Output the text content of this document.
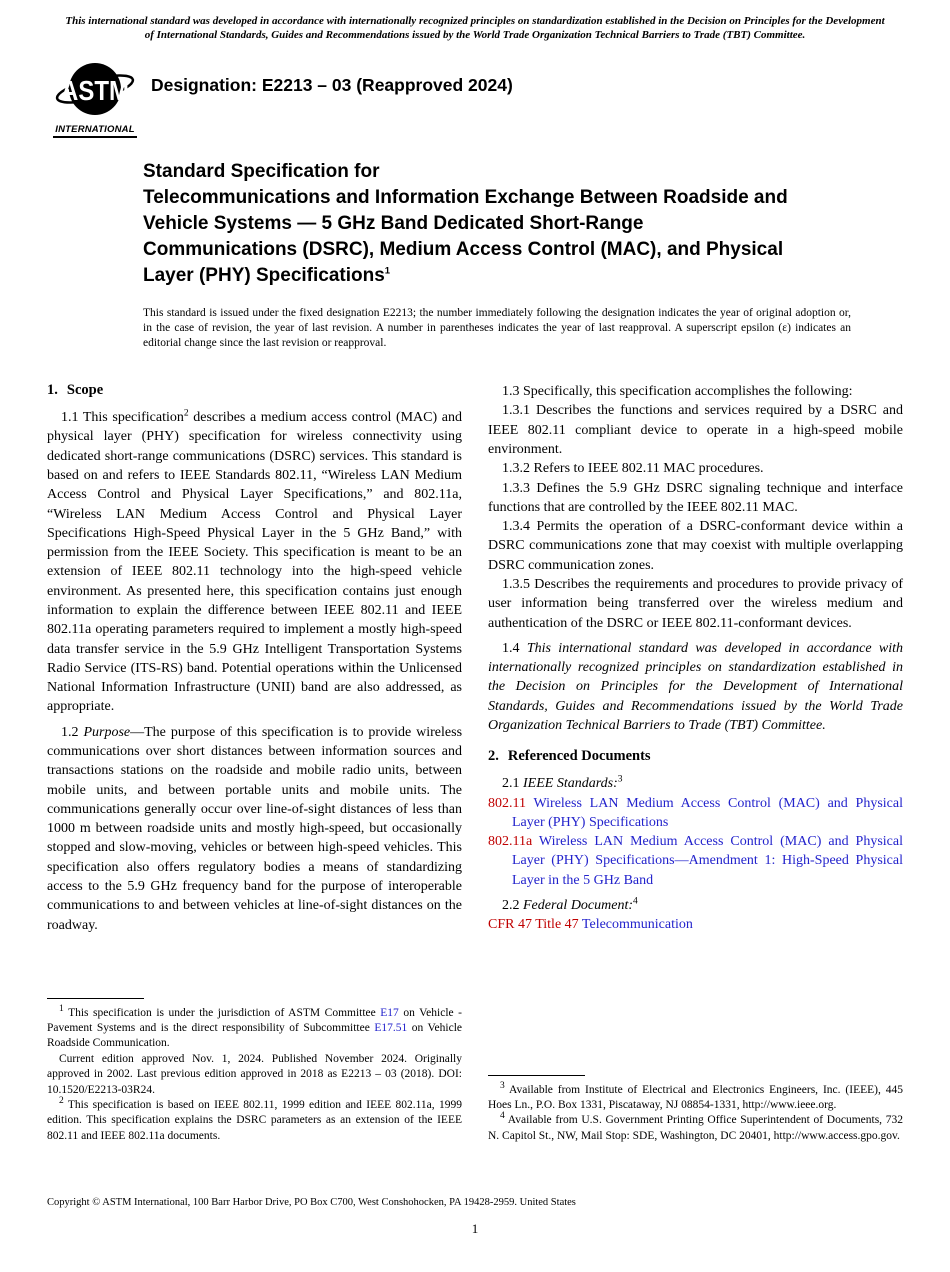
This international standard was developed in accordance with internationally recognized principles on standardization established in the Decision on Principles for the Development of International Standards, Guides and Recommendations issued by the World Trade Organization Technical Barriers to Trade (TBT) Committee.
ASTM
INTERNATIONAL
Designation: E2213 – 03 (Reapproved 2024)
Standard Specification for
Telecommunications and Information Exchange Between Roadside and Vehicle Systems — 5 GHz Band Dedicated Short-Range Communications (DSRC), Medium Access Control (MAC), and Physical Layer (PHY) Specifications$^1$
This standard is issued under the fixed designation E2213; the number immediately following the designation indicates the year of original adoption or, in the case of revision, the year of last revision. A number in parentheses indicates the year of last reapproval. A superscript epsilon (ε) indicates an editorial change since the last revision or reapproval.
1. Scope

1.1 This specification$^2$ describes a medium access control (MAC) and physical layer (PHY) specification for wireless connectivity using dedicated short-range communications (DSRC) services. This standard is based on and refers to IEEE Standards 802.11, “Wireless LAN Medium Access Control and Physical Layer Specifications,” and 802.11a, “Wireless LAN Medium Access Control and Physical Layer Specifications High-Speed Physical Layer in the 5 GHz Band,” with permission from the IEEE Society. This specification is meant to be an extension of IEEE 802.11 technology into the high-speed vehicle environment. As presented here, this specification contains just enough information to explain the difference between IEEE 802.11 and IEEE 802.11a operating parameters required to implement a mostly high-speed data transfer service in the 5.9 GHz Intelligent Transportation Systems Radio Service (ITS-RS) band. Potential operations within the Unlicensed National Information Infrastructure (UNII) band are also addressed, as appropriate.

1.2 Purpose—The purpose of this specification is to provide wireless communications over short distances between information sources and transactions stations on the roadside and mobile radio units, between mobile units, and between portable units and mobile units. The communications generally occur over line-of-sight distances of less than 1000 m between roadside units and mostly high-speed, but occasionally stopped and slow-moving, vehicles or between high-speed vehicles. This specification also offers regulatory bodies a means of standardizing access to the 5.9 GHz frequency band for the purpose of interoperable communications to and between vehicles at line-of-sight distances on the roadway.

$^1$ This specification is under the jurisdiction of ASTM Committee E17 on Vehicle - Pavement Systems and is the direct responsibility of Subcommittee E17.51 on Vehicle Roadside Communication.

Current edition approved Nov. 1, 2024. Published November 2024. Originally approved in 2002. Last previous edition approved in 2018 as E2213 – 03 (2018). DOI: 10.1520/E2213-03R24.

$^2$ This specification is based on IEEE 802.11, 1999 edition and IEEE 802.11a, 1999 edition. This specification explains the DSRC parameters as an extension of the IEEE 802.11 and IEEE 802.11a documents.

1.3 Specifically, this specification accomplishes the following:

1.3.1 Describes the functions and services required by a DSRC and IEEE 802.11 compliant device to operate in a high-speed mobile environment.

1.3.2 Refers to IEEE 802.11 MAC procedures.

1.3.3 Defines the 5.9 GHz DSRC signaling technique and interface functions that are controlled by the IEEE 802.11 MAC.

1.3.4 Permits the operation of a DSRC-conformant device within a DSRC communications zone that may coexist with multiple overlapping DSRC communication zones.

1.3.5 Describes the requirements and procedures to provide privacy of user information being transferred over the wireless medium and authentication of the DSRC or IEEE 802.11-conformant devices.

1.4 This international standard was developed in accordance with internationally recognized principles on standardization established in the Decision on Principles for the Development of International Standards, Guides and Recommendations issued by the World Trade Organization Technical Barriers to Trade (TBT) Committee.

2. Referenced Documents

2.1 IEEE Standards:$^3$

802.11 Wireless LAN Medium Access Control (MAC) and Physical Layer (PHY) Specifications

802.11a Wireless LAN Medium Access Control (MAC) and Physical Layer (PHY) Specifications—Amendment 1: High-Speed Physical Layer in the 5 GHz Band

2.2 Federal Document:$^4$

CFR 47 Title 47 Telecommunication

$^3$ Available from Institute of Electrical and Electronics Engineers, Inc. (IEEE), 445 Hoes Ln., P.O. Box 1331, Piscataway, NJ 08854-1331, http://www.ieee.org.

$^4$ Available from U.S. Government Printing Office Superintendent of Documents, 732 N. Capitol St., NW, Mail Stop: SDE, Washington, DC 20401, http://www.access.gpo.gov.

Copyright © ASTM International, 100 Barr Harbor Drive, PO Box C700, West Conshohocken, PA 19428-2959. United States
1
